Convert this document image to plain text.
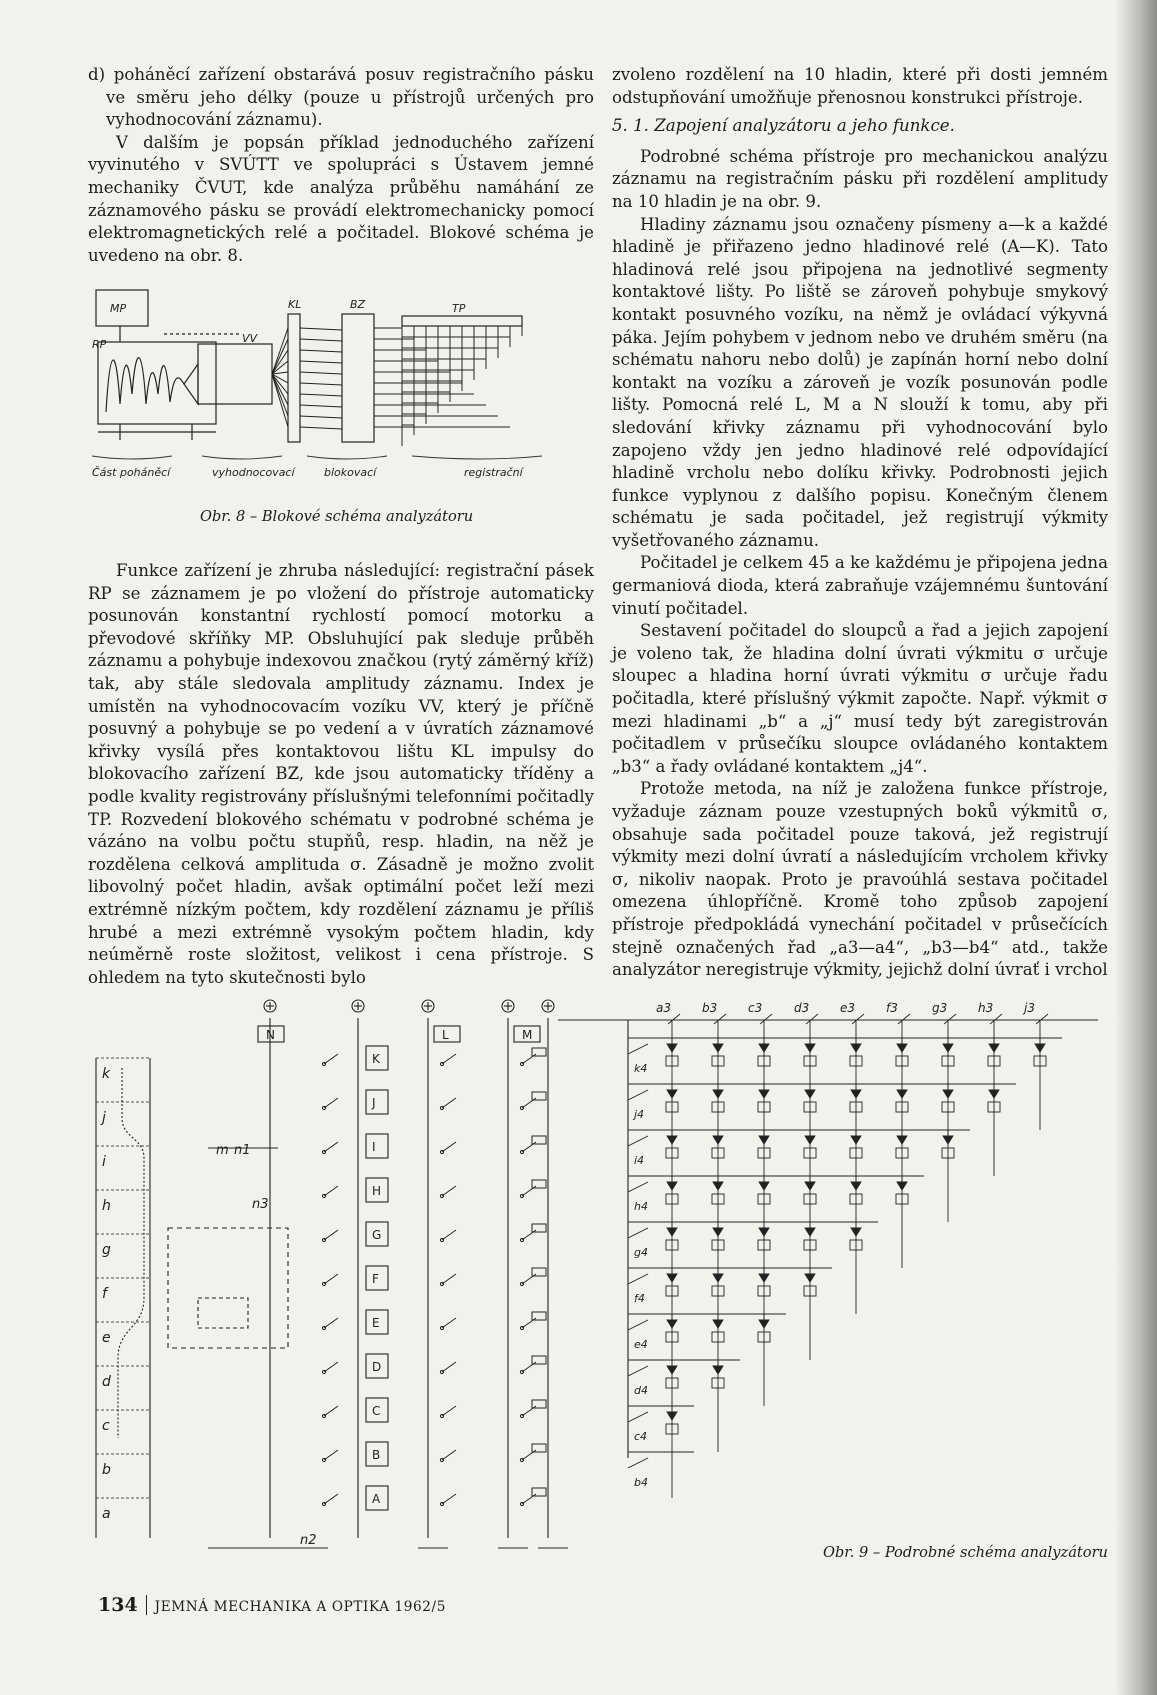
d) poháněcí zařízení obstarává posuv registračního pásku ve směru jeho délky (pouze u přístrojů určených pro vyhodnocování záznamu).

V dalším je popsán příklad jednoduchého zařízení vyvinutého v SVÚTT ve spolupráci s Ústavem jemné mechaniky ČVUT, kde analýza průběhu namáhání ze záznamového pásku se provádí elektromechanicky pomocí elektromagnetických relé a počitadel. Blokové schéma je uvedeno na obr. 8.

MP
RP	VV
KL	BZ	TP
Část poháněcí	vyhodnocovací	blokovací	registrační
Obr. 8 – Blokové schéma analyzátoru

Funkce zařízení je zhruba následující: registrační pásek RP se záznamem je po vložení do přístroje automaticky posunován konstantní rychlostí pomocí motorku a převodové skříňky MP. Obsluhující pak sleduje průběh záznamu a pohybuje indexovou značkou (rytý záměrný kříž) tak, aby stále sledovala amplitudy záznamu. Index je umístěn na vyhodnocovacím vozíku VV, který je příčně posuvný a pohybuje se po vedení a v úvratích záznamové křivky vysílá přes kontaktovou lištu KL impulsy do blokovacího zařízení BZ, kde jsou automaticky tříděny a podle kvality registrovány příslušnými telefonními počitadly TP. Rozvedení blokového schématu v podrobné schéma je vázáno na volbu počtu stupňů, resp. hladin, na něž je rozdělena celková amplituda σ. Zásadně je možno zvolit libovolný počet hladin, avšak optimální počet leží mezi extrémně nízkým počtem, kdy rozdělení záznamu je příliš hrubé a mezi extrémně vysokým počtem hladin, kdy neúměrně roste složitost, velikost i cena přístroje. S ohledem na tyto skutečnosti bylo

zvoleno rozdělení na 10 hladin, které při dosti jemném odstupňování umožňuje přenosnou konstrukci přístroje.

5. 1. Zapojení analyzátoru a jeho funkce.

Podrobné schéma přístroje pro mechanickou analýzu záznamu na registračním pásku při rozdělení amplitudy na 10 hladin je na obr. 9.

Hladiny záznamu jsou označeny písmeny a—k a každé hladině je přiřazeno jedno hladinové relé (A—K). Tato hladinová relé jsou připojena na jednotlivé segmenty kontaktové lišty. Po liště se zároveň pohybuje smykový kontakt posuvného vozíku, na němž je ovládací výkyvná páka. Jejím pohybem v jednom nebo ve druhém směru (na schématu nahoru nebo dolů) je zapínán horní nebo dolní kontakt na vozíku a zároveň je vozík posunován podle lišty. Pomocná relé L, M a N slouží k tomu, aby při sledování křivky záznamu při vyhodnocování bylo zapojeno vždy jen jedno hladinové relé odpovídající hladině vrcholu nebo dolíku křivky. Podrobnosti jejich funkce vyplynou z dalšího popisu. Konečným členem schématu je sada počitadel, jež registrují výkmity vyšetřovaného záznamu.

Počitadel je celkem 45 a ke každému je připojena jedna germaniová dioda, která zabraňuje vzájemnému šuntování vinutí počitadel.

Sestavení počitadel do sloupců a řad a jejich zapojení je voleno tak, že hladina dolní úvrati výkmitu σ určuje sloupec a hladina horní úvrati výkmitu σ určuje řadu počitadla, které příslušný výkmit započte. Např. výkmit σ mezi hladinami „b“ a „j“ musí tedy být zaregistrován počitadlem v průsečíku sloupce ovládaného kontaktem „b3“ a řady ovládané kontaktem „j4“.

Protože metoda, na níž je založena funkce přístroje, vyžaduje záznam pouze vzestupných boků výkmitů σ, obsahuje sada počitadel pouze taková, jež registrují výkmity mezi dolní úvratí a následujícím vrcholem křivky σ, nikoliv naopak. Proto je pravoúhlá sestava počitadel omezena úhlopříčně. Kromě toho způsob zapojení přístroje předpokládá vynechání počitadel v průsečících stejně označených řad „a3—a4“, „b3—b4“ atd., takže analyzátor neregistruje výkmity, jejichž dolní úvrať i vrchol

k
j
i
h
g
f
e
d
c
b
a
K
J
I
H
G
F
E
D
C
B
A
N	L	M
k4
j4
i4
h4
g4
f4
e4
d4
c4
b4
a3	b3	c3	d3	e3	f3	g3	h3	j3
m n1
n2
n3
Obr. 9 – Podrobné schéma analyzátoru
134 JEMNÁ MECHANIKA A OPTIKA 1962/5
